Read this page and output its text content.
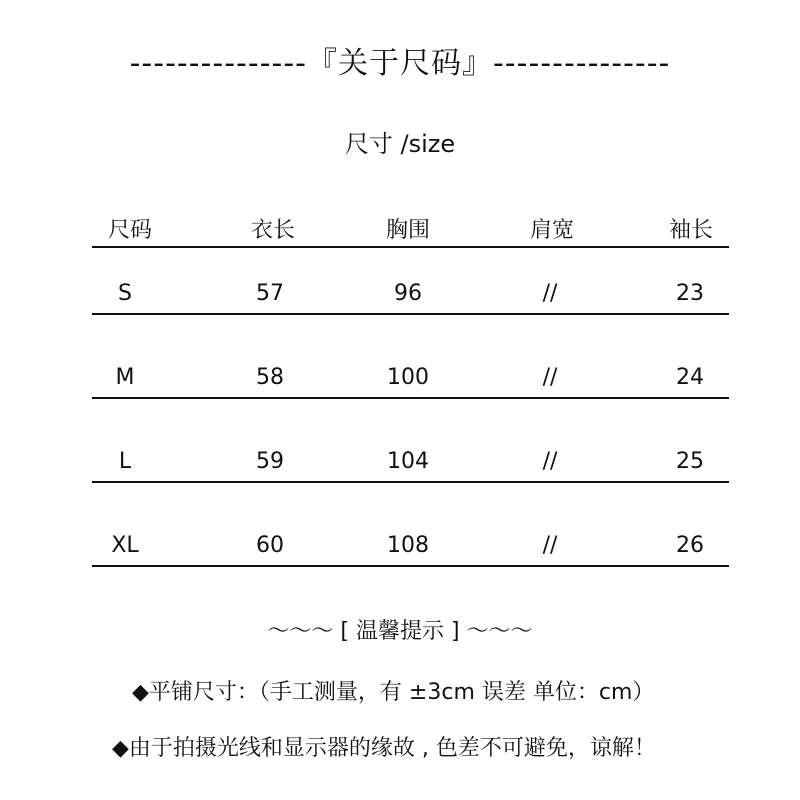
---------------『关于尺码』---------------
尺寸 /size
尺码	衣长	胸围	肩宽	袖长
S	57	96	//	23
M	58	100	//	24
L	59	104	//	25
XL	60	108	//	26
～～～ [ 温馨提示 ] ～～～
◆平铺尺寸：（手工测量，有 ±3cm 误差 单位：cm）
◆由于拍摄光线和显示器的缘故 , 色差不可避免，谅解！
